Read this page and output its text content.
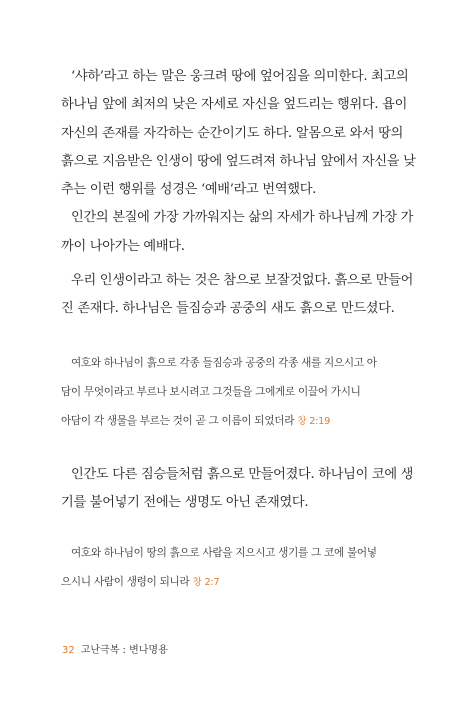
‘샤하’라고 하는 말은 웅크려 땅에 엎어짐을 의미한다. 최고의
하나님 앞에 최저의 낮은 자세로 자신을 엎드리는 행위다. 욥이
자신의 존재를 자각하는 순간이기도 하다. 알몸으로 와서 땅의
흙으로 지음받은 인생이 땅에 엎드려져 하나님 앞에서 자신을 낮
추는 이런 행위를 성경은 ‘예배’라고 번역했다.
인간의 본질에 가장 가까워지는 삶의 자세가 하나님께 가장 가
까이 나아가는 예배다.

우리 인생이라고 하는 것은 참으로 보잘것없다. 흙으로 만들어
진 존재다. 하나님은 들짐승과 공중의 새도 흙으로 만드셨다.

여호와 하나님이 흙으로 각종 들짐승과 공중의 각종 새를 지으시고 아
담이 무엇이라고 부르나 보시려고 그것들을 그에게로 이끌어 가시니
아담이 각 생물을 부르는 것이 곧 그 이름이 되었더라 창 2:19

인간도 다른 짐승들처럼 흙으로 만들어졌다. 하나님이 코에 생
기를 불어넣기 전에는 생명도 아닌 존재였다.

여호와 하나님이 땅의 흙으로 사람을 지으시고 생기를 그 코에 불어넣
으시니 사람이 생령이 되니라 창 2:7

32 고난극복 : 변나명용
